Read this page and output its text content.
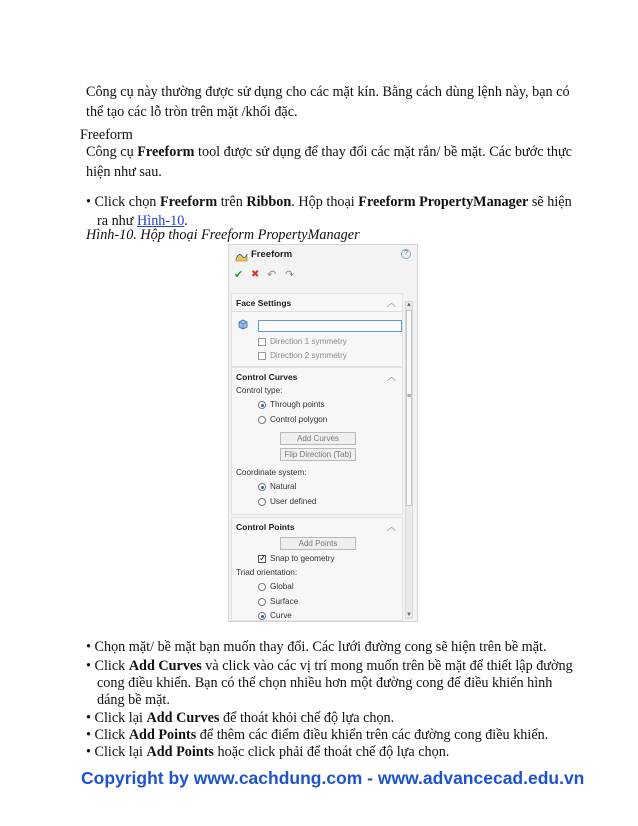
Công cụ này thường được sử dụng cho các mặt kín. Bằng cách dùng lệnh này, bạn có
thể tạo các lỗ tròn trên mặt /khối đặc.
Freeform
Công cụ Freeform tool được sử dụng để thay đổi các mặt rắn/ bề mặt. Các bước thực
hiện như sau.
• Click chọn Freeform trên Ribbon. Hộp thoại Freeform PropertyManager sẽ hiện
ra như Hình-10.
Hình-10. Hộp thoại Freeform PropertyManager
Freeform	?
✔ ✖ ↶ ↷
Face Settings	︿
Direction 1 symmetry
Direction 2 symmetry
Control Curves	︿
Control type:
Through points
Control polygon
Add Curves
Flip Direction (Tab)
Coordinate system:
Natural
User defined
Control Points	︿
Add Points
✓
Snap to geometry
Triad orientation:
Global
Surface
Curve
▲
≡
▼
• Chọn mặt/ bề mặt bạn muốn thay đổi. Các lưới đường cong sẽ hiện trên bề mặt.
• Click Add Curves và click vào các vị trí mong muốn trên bề mặt để thiết lập đường
cong điều khiển. Bạn có thể chọn nhiều hơn một đường cong để điều khiển hình
dáng bề mặt.
• Click lại Add Curves để thoát khỏi chế độ lựa chọn.
• Click Add Points để thêm các điểm điều khiển trên các đường cong điều khiển.
• Click lại Add Points hoặc click phải để thoát chế độ lựa chọn.
Copyright by www.cachdung.com - www.advancecad.edu.vn
